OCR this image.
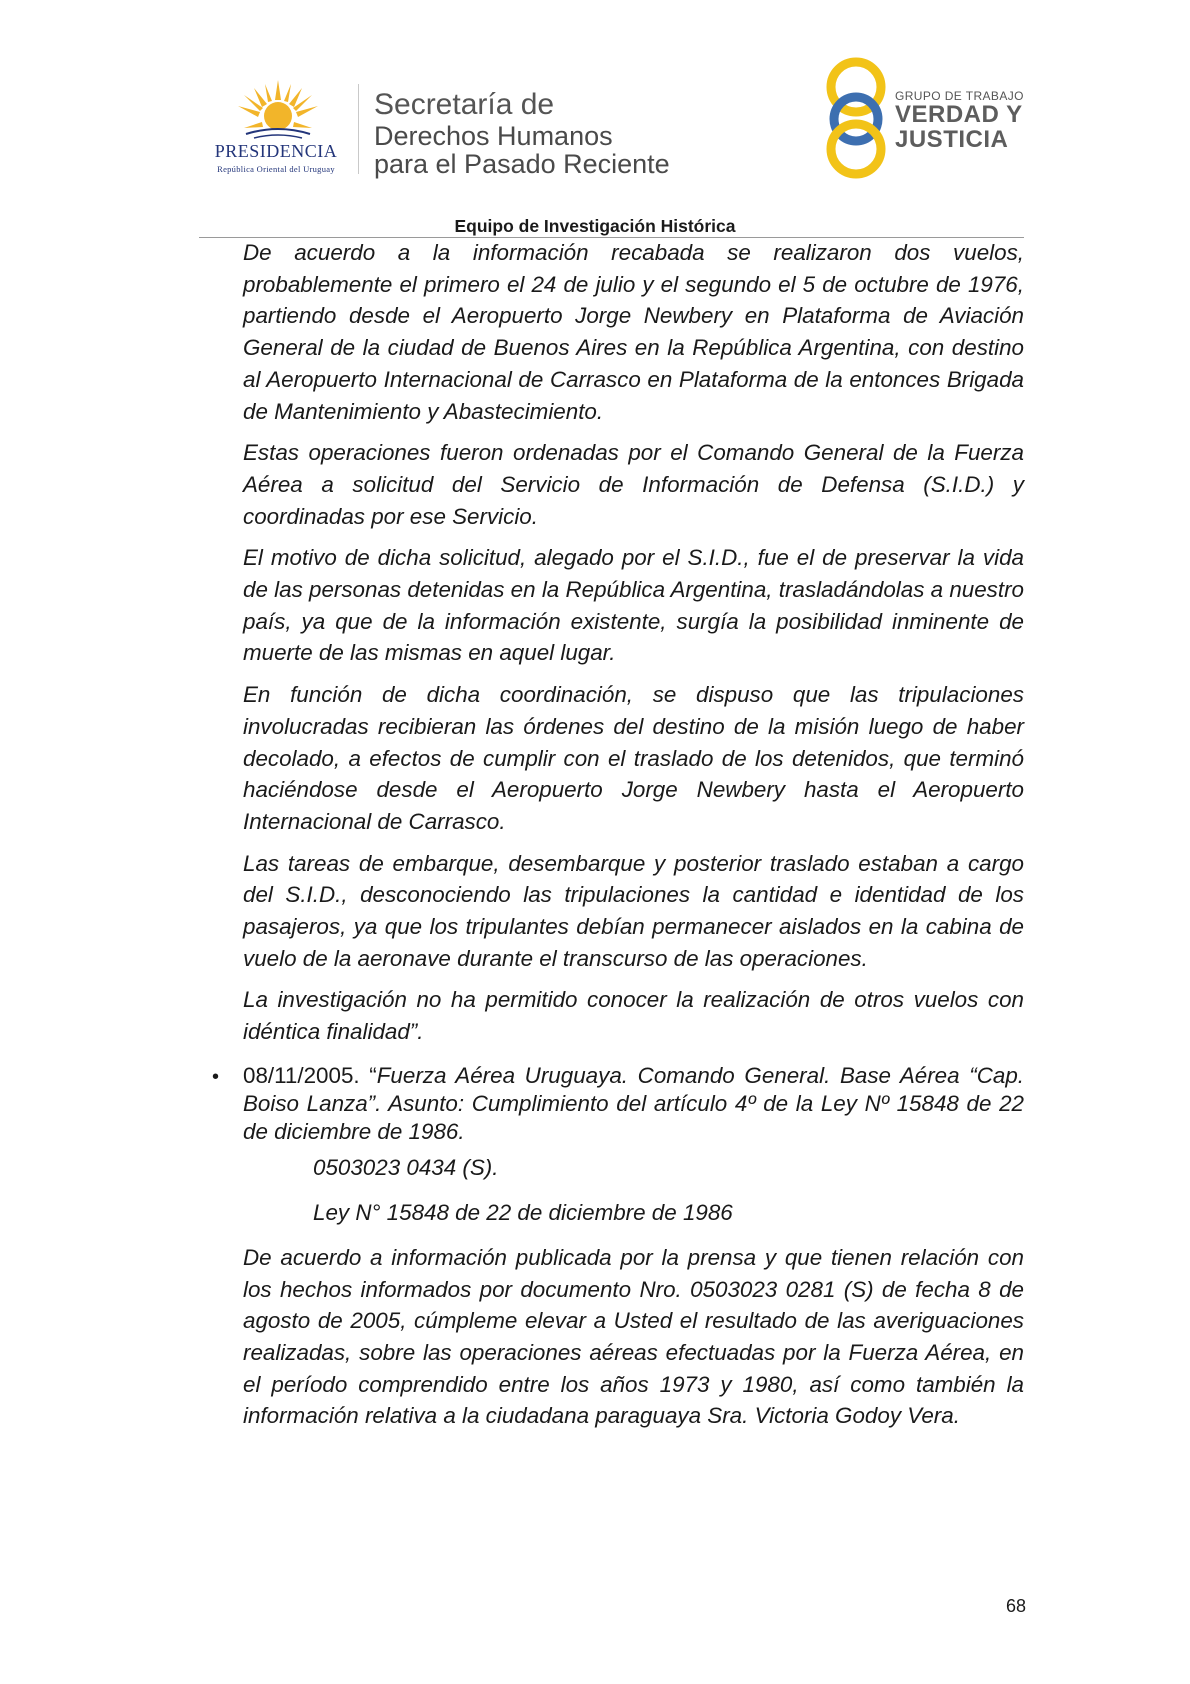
PRESIDENCIA
República Oriental del Uruguay
Secretaría de
Derechos Humanos
para el Pasado Reciente
GRUPO DE TRABAJO
VERDAD Y
JUSTICIA
Equipo de Investigación Histórica

De acuerdo a la información recabada se realizaron dos vuelos, probablemente el primero el 24 de julio y el segundo el 5 de octubre de 1976, partiendo desde el Aeropuerto Jorge Newbery en Plataforma de Aviación General de la ciudad de Buenos Aires en la República Argentina, con destino al Aeropuerto Internacional de Carrasco en Plataforma de la entonces Brigada de Mantenimiento y Abastecimiento.

Estas operaciones fueron ordenadas por el Comando General de la Fuerza Aérea a solicitud del Servicio de Información de Defensa (S.I.D.) y coordinadas por ese Servicio.

El motivo de dicha solicitud, alegado por el S.I.D., fue el de preservar la vida de las personas detenidas en la República Argentina, trasladándolas a nuestro país, ya que de la información existente, surgía la posibilidad inminente de muerte de las mismas en aquel lugar.

En función de dicha coordinación, se dispuso que las tripulaciones involucradas recibieran las órdenes del destino de la misión luego de haber decolado, a efectos de cumplir con el traslado de los detenidos, que terminó haciéndose desde el Aeropuerto Jorge Newbery hasta el Aeropuerto Internacional de Carrasco.

Las tareas de embarque, desembarque y posterior traslado estaban a cargo del S.I.D., desconociendo las tripulaciones la cantidad e identidad de los pasajeros, ya que los tripulantes debían permanecer aislados en la cabina de vuelo de la aeronave durante el transcurso de las operaciones.

La investigación no ha permitido conocer la realización de otros vuelos con idéntica finalidad”.

• 08/11/2005. “Fuerza Aérea Uruguaya. Comando General. Base Aérea “Cap. Boiso Lanza”. Asunto: Cumplimiento del artículo 4º de la Ley Nº 15848 de 22 de diciembre de 1986.

0503023 0434 (S).
Ley N° 15848 de 22 de diciembre de 1986

De acuerdo a información publicada por la prensa y que tienen relación con los hechos informados por documento Nro. 0503023 0281 (S) de fecha 8 de agosto de 2005, cúmpleme elevar a Usted el resultado de las averiguaciones realizadas, sobre las operaciones aéreas efectuadas por la Fuerza Aérea, en el período comprendido entre los años 1973 y 1980, así como también la información relativa a la ciudadana paraguaya Sra. Victoria Godoy Vera.

68
